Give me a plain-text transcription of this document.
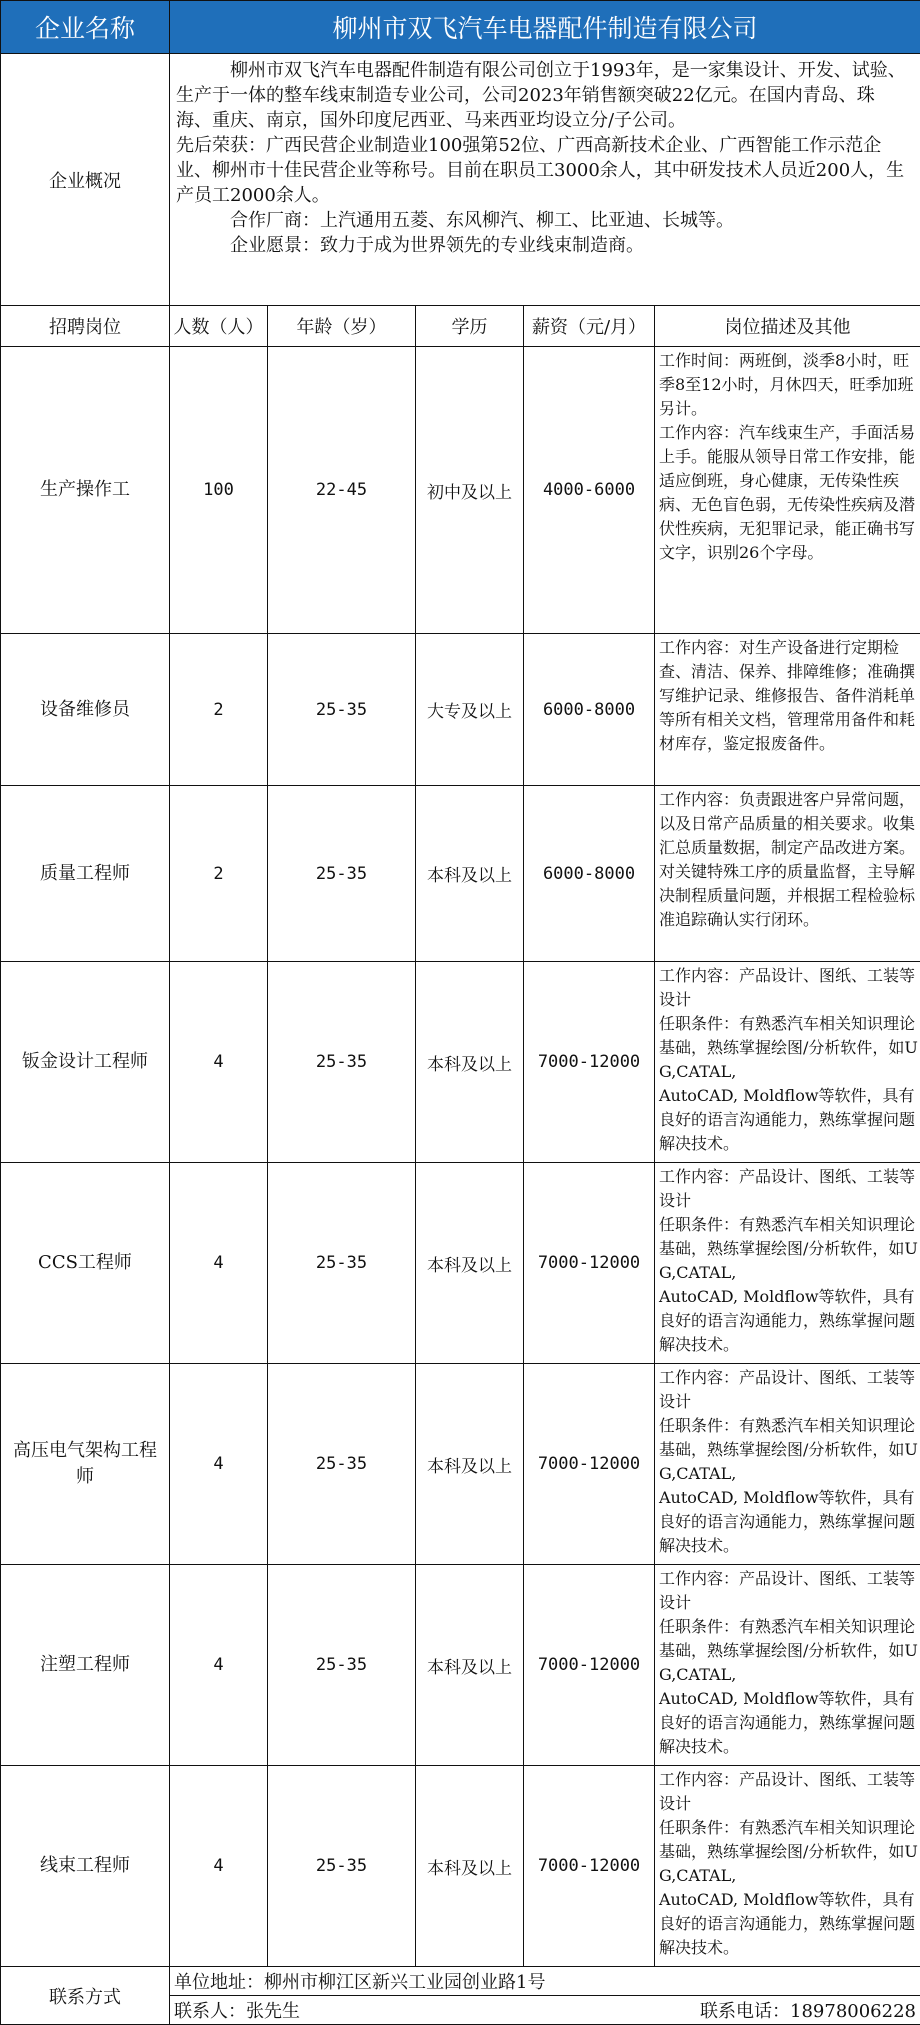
企业名称	柳州市双飞汽车电器配件制造有限公司				
企业概况	柳州市双飞汽车电器配件制造有限公司创立于1993年，是一家集设计、开发、试验、生产于一体的整车线束制造专业公司，公司2023年销售额突破22亿元。在国内青岛、珠海、重庆、南京，国外印度尼西亚、马来西亚均设立分/子公司。

先后荣获：广西民营企业制造业100强第52位、广西高新技术企业、广西智能工作示范企业、柳州市十佳民营企业等称号。目前在职员工3000余人，其中研发技术人员近200人，生产员工2000余人。

合作厂商：上汽通用五菱、东风柳汽、柳工、比亚迪、长城等。

企业愿景：致力于成为世界领先的专业线束制造商。				

招聘岗位	人数（人）	年龄（岁）	学历	薪资（元/月）	岗位描述及其他
生产操作工	100	22-45	初中及以上	4000-6000	工作时间：两班倒，淡季8小时，旺季8至12小时，月休四天，旺季加班另计。
工作内容：汽车线束生产，手面活易上手。能服从领导日常工作安排，能适应倒班，身心健康，无传染性疾病、无色盲色弱，无传染性疾病及潜伏性疾病，无犯罪记录，能正确书写文字，识别26个字母。
设备维修员	2	25-35	大专及以上	6000-8000	工作内容：对生产设备进行定期检查、清洁、保养、排障维修；准确撰写维护记录、维修报告、备件消耗单等所有相关文档，管理常用备件和耗材库存，鉴定报废备件。
质量工程师	2	25-35	本科及以上	6000-8000	工作内容：负责跟进客户异常问题，以及日常产品质量的相关要求。收集汇总质量数据，制定产品改进方案。对关键特殊工序的质量监督，主导解决制程质量问题，并根据工程检验标准追踪确认实行闭环。
钣金设计工程师	4	25-35	本科及以上	7000-12000	工作内容：产品设计、图纸、工装等设计
任职条件：有熟悉汽车相关知识理论基础，熟练掌握绘图/分析软件，如UG,CATAL,
AutoCAD, Moldflow等软件，具有良好的语言沟通能力，熟练掌握问题解决技术。
CCS工程师	4	25-35	本科及以上	7000-12000	工作内容：产品设计、图纸、工装等设计
任职条件：有熟悉汽车相关知识理论基础，熟练掌握绘图/分析软件，如UG,CATAL,
AutoCAD, Moldflow等软件，具有良好的语言沟通能力，熟练掌握问题解决技术。
高压电气架构工程师	4	25-35	本科及以上	7000-12000	工作内容：产品设计、图纸、工装等设计
任职条件：有熟悉汽车相关知识理论基础，熟练掌握绘图/分析软件，如UG,CATAL,
AutoCAD, Moldflow等软件，具有良好的语言沟通能力，熟练掌握问题解决技术。
注塑工程师	4	25-35	本科及以上	7000-12000	工作内容：产品设计、图纸、工装等设计
任职条件：有熟悉汽车相关知识理论基础，熟练掌握绘图/分析软件，如UG,CATAL,
AutoCAD, Moldflow等软件，具有良好的语言沟通能力，熟练掌握问题解决技术。
线束工程师	4	25-35	本科及以上	7000-12000	工作内容：产品设计、图纸、工装等设计
任职条件：有熟悉汽车相关知识理论基础，熟练掌握绘图/分析软件，如UG,CATAL,
AutoCAD, Moldflow等软件，具有良好的语言沟通能力，熟练掌握问题解决技术。
联系方式	单位地址：柳州市柳江区新兴工业园创业路1号				

	联系人：张先生 联系电话：18978006228				
